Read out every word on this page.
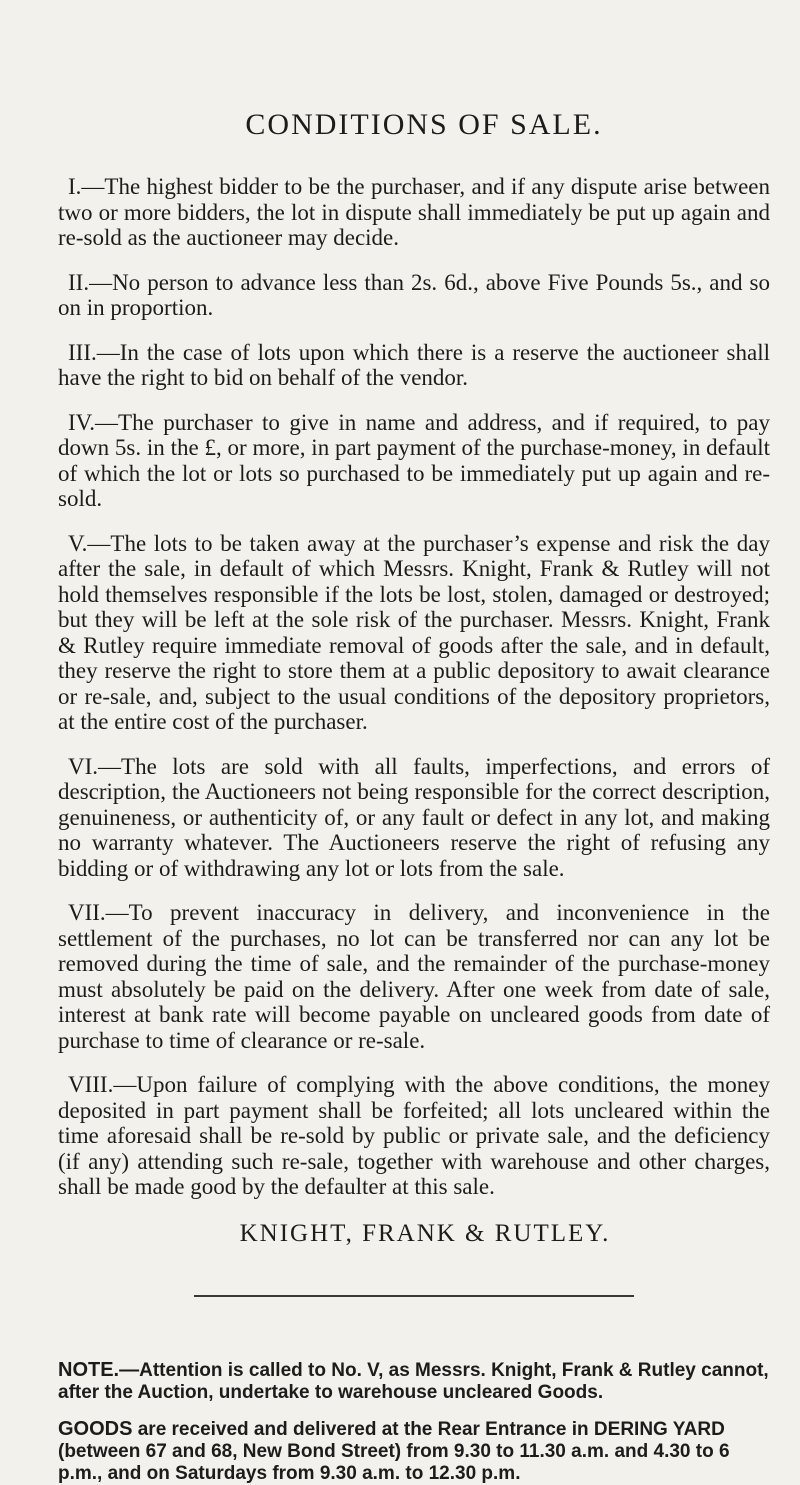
CONDITIONS OF SALE.

I.—The highest bidder to be the purchaser, and if any dispute arise between two or more bidders, the lot in dispute shall immediately be put up again and re-sold as the auctioneer may decide.

II.—No person to advance less than 2s. 6d., above Five Pounds 5s., and so on in proportion.

III.—In the case of lots upon which there is a reserve the auctioneer shall have the right to bid on behalf of the vendor.

IV.—The purchaser to give in name and address, and if required, to pay down 5s. in the £, or more, in part payment of the purchase-money, in default of which the lot or lots so purchased to be immediately put up again and re-sold.

V.—The lots to be taken away at the purchaser’s expense and risk the day after the sale, in default of which Messrs. Knight, Frank & Rutley will not hold themselves responsible if the lots be lost, stolen, damaged or destroyed; but they will be left at the sole risk of the purchaser. Messrs. Knight, Frank & Rutley require immediate removal of goods after the sale, and in default, they reserve the right to store them at a public depository to await clearance or re-sale, and, subject to the usual conditions of the depository proprietors, at the entire cost of the purchaser.

VI.—The lots are sold with all faults, imperfections, and errors of description, the Auctioneers not being responsible for the correct description, genuineness, or authenticity of, or any fault or defect in any lot, and making no warranty whatever. The Auctioneers reserve the right of refusing any bidding or of withdrawing any lot or lots from the sale.

VII.—To prevent inaccuracy in delivery, and inconvenience in the settlement of the purchases, no lot can be transferred nor can any lot be removed during the time of sale, and the remainder of the purchase-money must absolutely be paid on the delivery. After one week from date of sale, interest at bank rate will become payable on uncleared goods from date of purchase to time of clearance or re-sale.

VIII.—Upon failure of complying with the above conditions, the money deposited in part payment shall be forfeited; all lots uncleared within the time aforesaid shall be re-sold by public or private sale, and the deficiency (if any) attending such re-sale, together with warehouse and other charges, shall be made good by the defaulter at this sale.

KNIGHT, FRANK & RUTLEY.
NOTE.—Attention is called to No. V, as Messrs. Knight, Frank & Rutley cannot, after the Auction, undertake to warehouse uncleared Goods.
GOODS are received and delivered at the Rear Entrance in DERING YARD (between 67 and 68, New Bond Street) from 9.30 to 11.30 a.m. and 4.30 to 6 p.m., and on Saturdays from 9.30 a.m. to 12.30 p.m.
